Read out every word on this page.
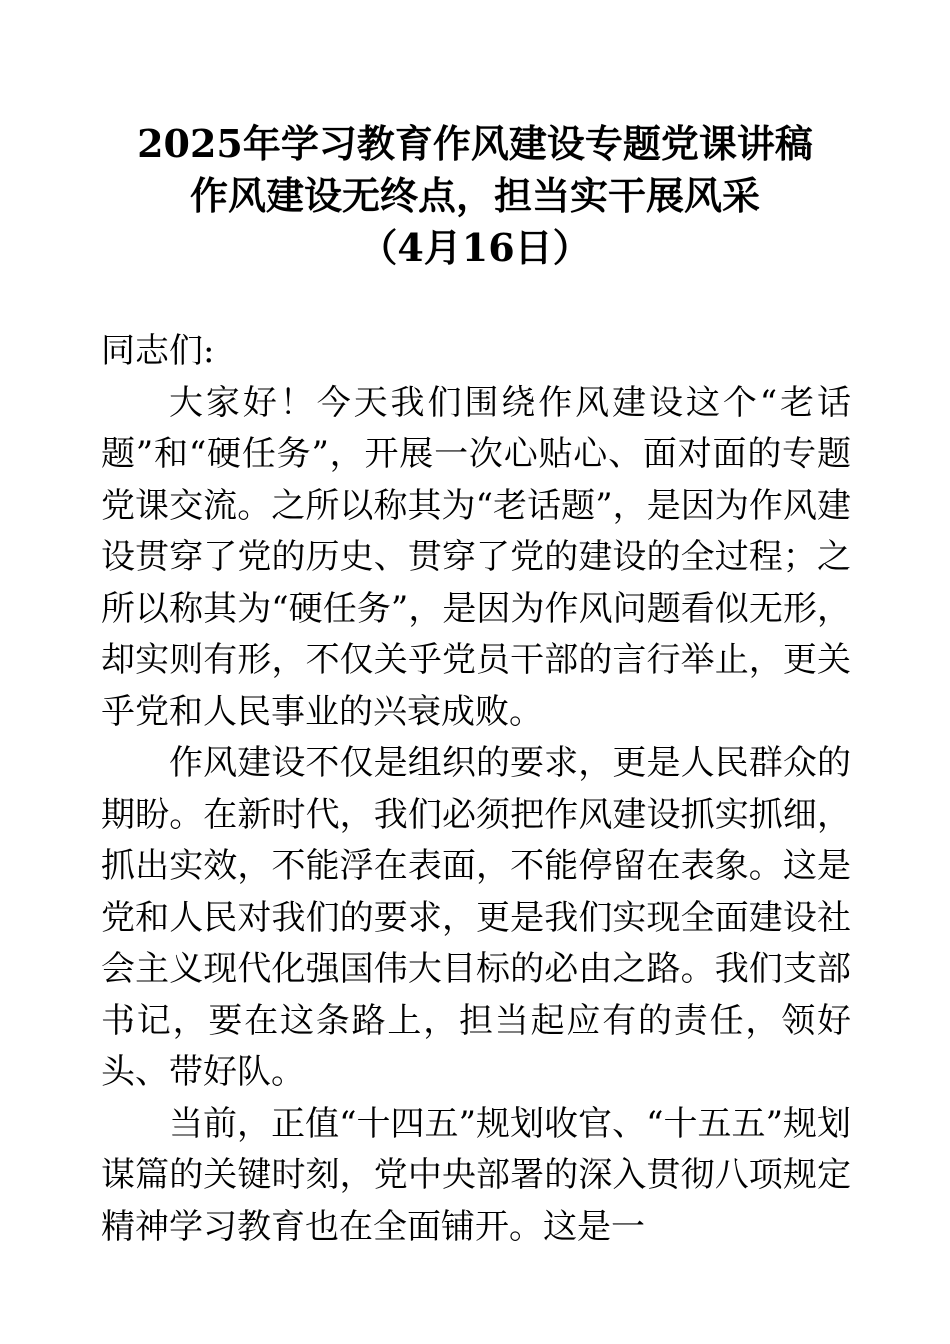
2025年学习教育作风建设专题党课讲稿
作风建设无终点，担当实干展风采
（4月16日）
同志们:

大家好！今天我们围绕作风建设这个“老话题”和“硬任务”，开展一次心贴心、面对面的专题党课交流。之所以称其为“老话题”，是因为作风建设贯穿了党的历史、贯穿了党的建设的全过程；之所以称其为“硬任务”，是因为作风问题看似无形，却实则有形，不仅关乎党员干部的言行举止，更关乎党和人民事业的兴衰成败。

作风建设不仅是组织的要求，更是人民群众的期盼。在新时代，我们必须把作风建设抓实抓细，抓出实效，不能浮在表面，不能停留在表象。这是党和人民对我们的要求，更是我们实现全面建设社会主义现代化强国伟大目标的必由之路。我们支部书记，要在这条路上，担当起应有的责任，领好头、带好队。

当前，正值“十四五”规划收官、“十五五”规划谋篇的关键时刻，党中央部署的深入贯彻八项规定精神学习教育也在全面铺开。这是一
